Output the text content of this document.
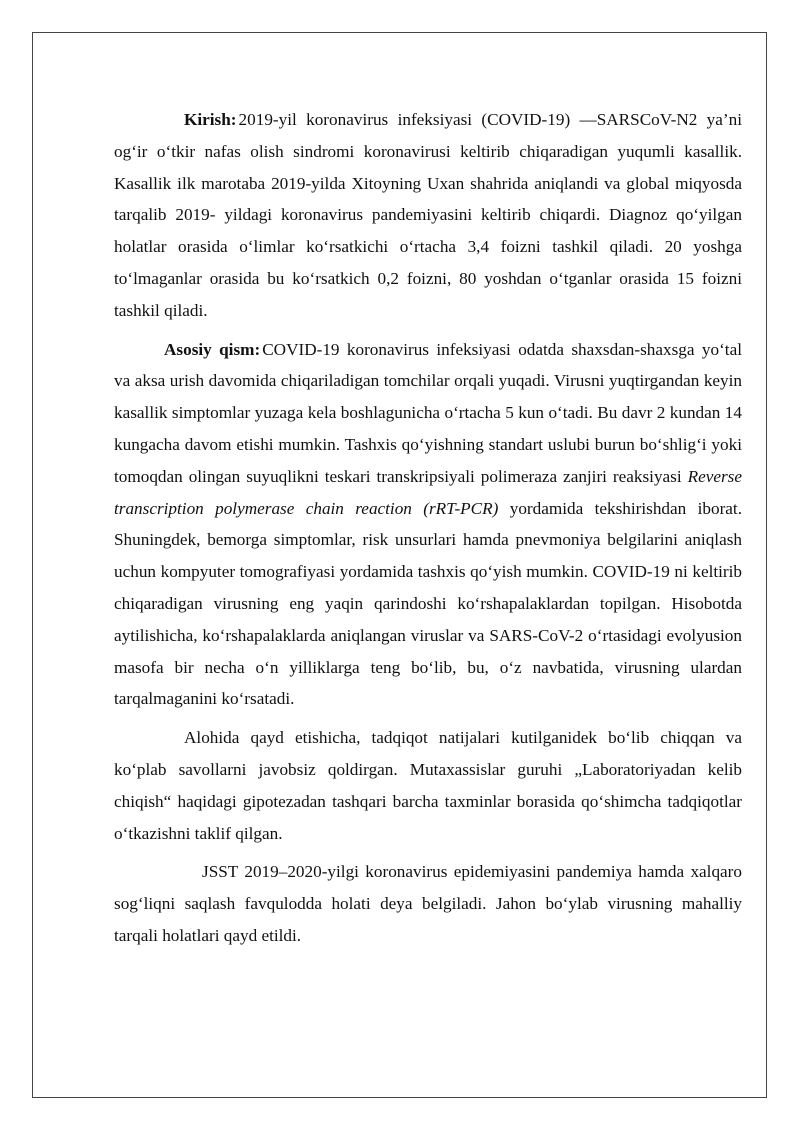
Kirish: 2019-yil koronavirus infeksiyasi (COVID-19) —SARSCoV-N2 ya’ni og‘ir o‘tkir nafas olish sindromi koronavirusi keltirib chiqaradigan yuqumli kasallik. Kasallik ilk marotaba 2019-yilda Xitoyning Uxan shahrida aniqlandi va global miqyosda tarqalib 2019- yildagi koronavirus pandemiyasini keltirib chiqardi. Diagnoz qo‘yilgan holatlar orasida o‘limlar ko‘rsatkichi o‘rtacha 3,4 foizni tashkil qiladi. 20 yoshga to‘lmaganlar orasida bu ko‘rsatkich 0,2 foizni, 80 yoshdan o‘tganlar orasida 15 foizni tashkil qiladi.

Asosiy qism: COVID-19 koronavirus infeksiyasi odatda shaxsdan-shaxsga yo‘tal va aksa urish davomida chiqariladigan tomchilar orqali yuqadi. Virusni yuqtirgandan keyin kasallik simptomlar yuzaga kela boshlagunicha o‘rtacha 5 kun o‘tadi. Bu davr 2 kundan 14 kungacha davom etishi mumkin. Tashxis qo‘yishning standart uslubi burun bo‘shlig‘i yoki tomoqdan olingan suyuqlikni teskari transkripsiyali polimeraza zanjiri reaksiyasi Reverse transcription polymerase chain reaction (rRT-PCR) yordamida tekshirishdan iborat. Shuningdek, bemorga simptomlar, risk unsurlari hamda pnevmoniya belgilarini aniqlash uchun kompyuter tomografiyasi yordamida tashxis qo‘yish mumkin. COVID-19 ni keltirib chiqaradigan virusning eng yaqin qarindoshi ko‘rshapalaklardan topilgan. Hisobotda aytilishicha, ko‘rshapalaklarda aniqlangan viruslar va SARS-CoV-2 o‘rtasidagi evolyusion masofa bir necha o‘n yilliklarga teng bo‘lib, bu, o‘z navbatida, virusning ulardan tarqalmaganini ko‘rsatadi.

Alohida qayd etishicha, tadqiqot natijalari kutilganidek bo‘lib chiqqan va ko‘plab savollarni javobsiz qoldirgan. Mutaxassislar guruhi „Laboratoriyadan kelib chiqish“ haqidagi gipotezadan tashqari barcha taxminlar borasida qo‘shimcha tadqiqotlar o‘tkazishni taklif qilgan.

JSST 2019–2020-yilgi koronavirus epidemiyasini pandemiya hamda xalqaro sog‘liqni saqlash favqulodda holati deya belgiladi. Jahon bo‘ylab virusning mahalliy tarqali holatlari qayd etildi.
